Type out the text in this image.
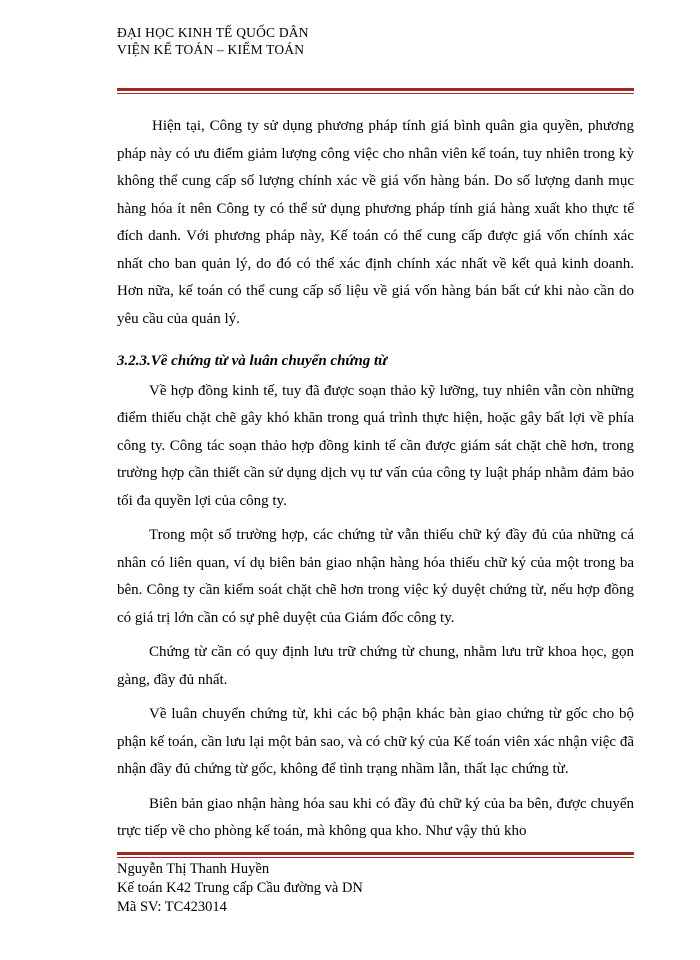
ĐẠI HỌC KINH TẾ QUỐC DÂN
VIỆN KẾ TOÁN – KIỂM TOÁN

Hiện tại, Công ty sử dụng phương pháp tính giá bình quân gia quyền, phương pháp này có ưu điểm giảm lượng công việc cho nhân viên kế toán, tuy nhiên trong kỳ không thể cung cấp số lượng chính xác về giá vốn hàng bán. Do số lượng danh mục hàng hóa ít nên Công ty có thể sử dụng phương pháp tính giá hàng xuất kho thực tế đích danh. Với phương pháp này, Kế toán có thể cung cấp được giá vốn chính xác nhất cho ban quản lý, do đó có thể xác định chính xác nhất về kết quả kinh doanh. Hơn nữa, kế toán có thể cung cấp số liệu về giá vốn hàng bán bất cứ khi nào cần do yêu cầu của quản lý.

3.2.3.Về chứng từ và luân chuyển chứng từ

Về hợp đồng kinh tế, tuy đã được soạn thảo kỹ lưỡng, tuy nhiên vẫn còn những điểm thiếu chặt chẽ gây khó khăn trong quá trình thực hiện, hoặc gây bất lợi về phía công ty. Công tác soạn thảo hợp đồng kinh tế cần được giám sát chặt chẽ hơn, trong trường hợp cần thiết cần sử dụng dịch vụ tư vấn của công ty luật pháp nhằm đảm bảo tối đa quyền lợi của công ty.

Trong một số trường hợp, các chứng từ vẫn thiếu chữ ký đầy đủ của những cá nhân có liên quan, ví dụ biên bản giao nhận hàng hóa thiếu chữ ký của một trong ba bên. Công ty cần kiểm soát chặt chẽ hơn trong việc ký duyệt chứng từ, nếu hợp đồng có giá trị lớn cần có sự phê duyệt của Giám đốc công ty.

Chứng từ cần có quy định lưu trữ chứng từ chung, nhằm lưu trữ khoa học, gọn gàng, đầy đủ nhất.

Về luân chuyển chứng từ, khi các bộ phận khác bàn giao chứng từ gốc cho bộ phận kế toán, cần lưu lại một bản sao, và có chữ ký của Kế toán viên xác nhận việc đã nhận đầy đủ chứng từ gốc, không để tình trạng nhầm lẫn, thất lạc chứng từ.

Biên bản giao nhận hàng hóa sau khi có đầy đủ chữ ký của ba bên, được chuyển trực tiếp về cho phòng kế toán, mà không qua kho. Như vậy thủ kho

Nguyễn Thị Thanh Huyền
Kế toán K42 Trung cấp Cầu đường và DN
Mã SV: TC423014
